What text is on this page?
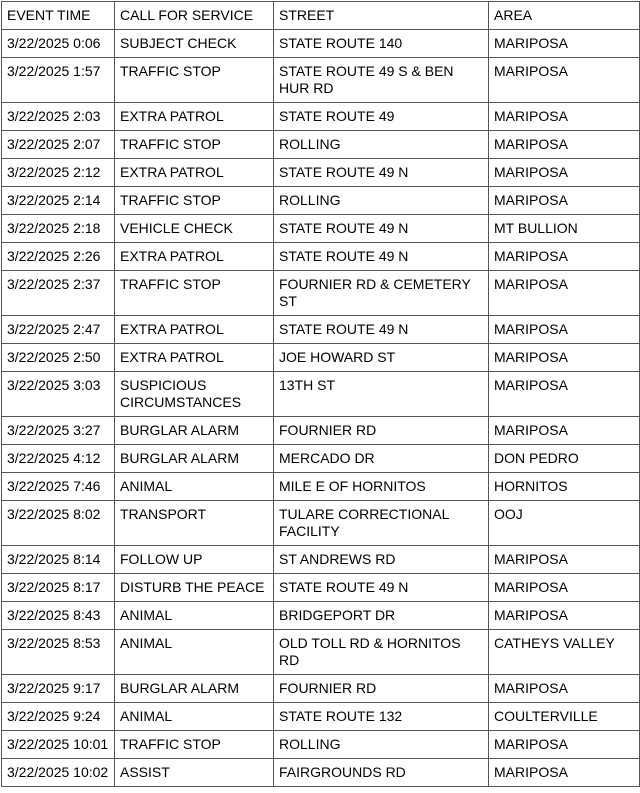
EVENT TIME	CALL FOR SERVICE	STREET	AREA
3/22/2025 0:06	SUBJECT CHECK	STATE ROUTE 140	MARIPOSA
3/22/2025 1:57	TRAFFIC STOP	STATE ROUTE 49 S & BEN HUR RD	MARIPOSA
3/22/2025 2:03	EXTRA PATROL	STATE ROUTE 49	MARIPOSA
3/22/2025 2:07	TRAFFIC STOP	ROLLING	MARIPOSA
3/22/2025 2:12	EXTRA PATROL	STATE ROUTE 49 N	MARIPOSA
3/22/2025 2:14	TRAFFIC STOP	ROLLING	MARIPOSA
3/22/2025 2:18	VEHICLE CHECK	STATE ROUTE 49 N	MT BULLION
3/22/2025 2:26	EXTRA PATROL	STATE ROUTE 49 N	MARIPOSA
3/22/2025 2:37	TRAFFIC STOP	FOURNIER RD & CEMETERY ST	MARIPOSA
3/22/2025 2:47	EXTRA PATROL	STATE ROUTE 49 N	MARIPOSA
3/22/2025 2:50	EXTRA PATROL	JOE HOWARD ST	MARIPOSA
3/22/2025 3:03	SUSPICIOUS CIRCUMSTANCES	13TH ST	MARIPOSA
3/22/2025 3:27	BURGLAR ALARM	FOURNIER RD	MARIPOSA
3/22/2025 4:12	BURGLAR ALARM	MERCADO DR	DON PEDRO
3/22/2025 7:46	ANIMAL	MILE E OF HORNITOS	HORNITOS
3/22/2025 8:02	TRANSPORT	TULARE CORRECTIONAL FACILITY	OOJ
3/22/2025 8:14	FOLLOW UP	ST ANDREWS RD	MARIPOSA
3/22/2025 8:17	DISTURB THE PEACE	STATE ROUTE 49 N	MARIPOSA
3/22/2025 8:43	ANIMAL	BRIDGEPORT DR	MARIPOSA
3/22/2025 8:53	ANIMAL	OLD TOLL RD & HORNITOS RD	CATHEYS VALLEY
3/22/2025 9:17	BURGLAR ALARM	FOURNIER RD	MARIPOSA
3/22/2025 9:24	ANIMAL	STATE ROUTE 132	COULTERVILLE
3/22/2025 10:01	TRAFFIC STOP	ROLLING	MARIPOSA
3/22/2025 10:02	ASSIST	FAIRGROUNDS RD	MARIPOSA
